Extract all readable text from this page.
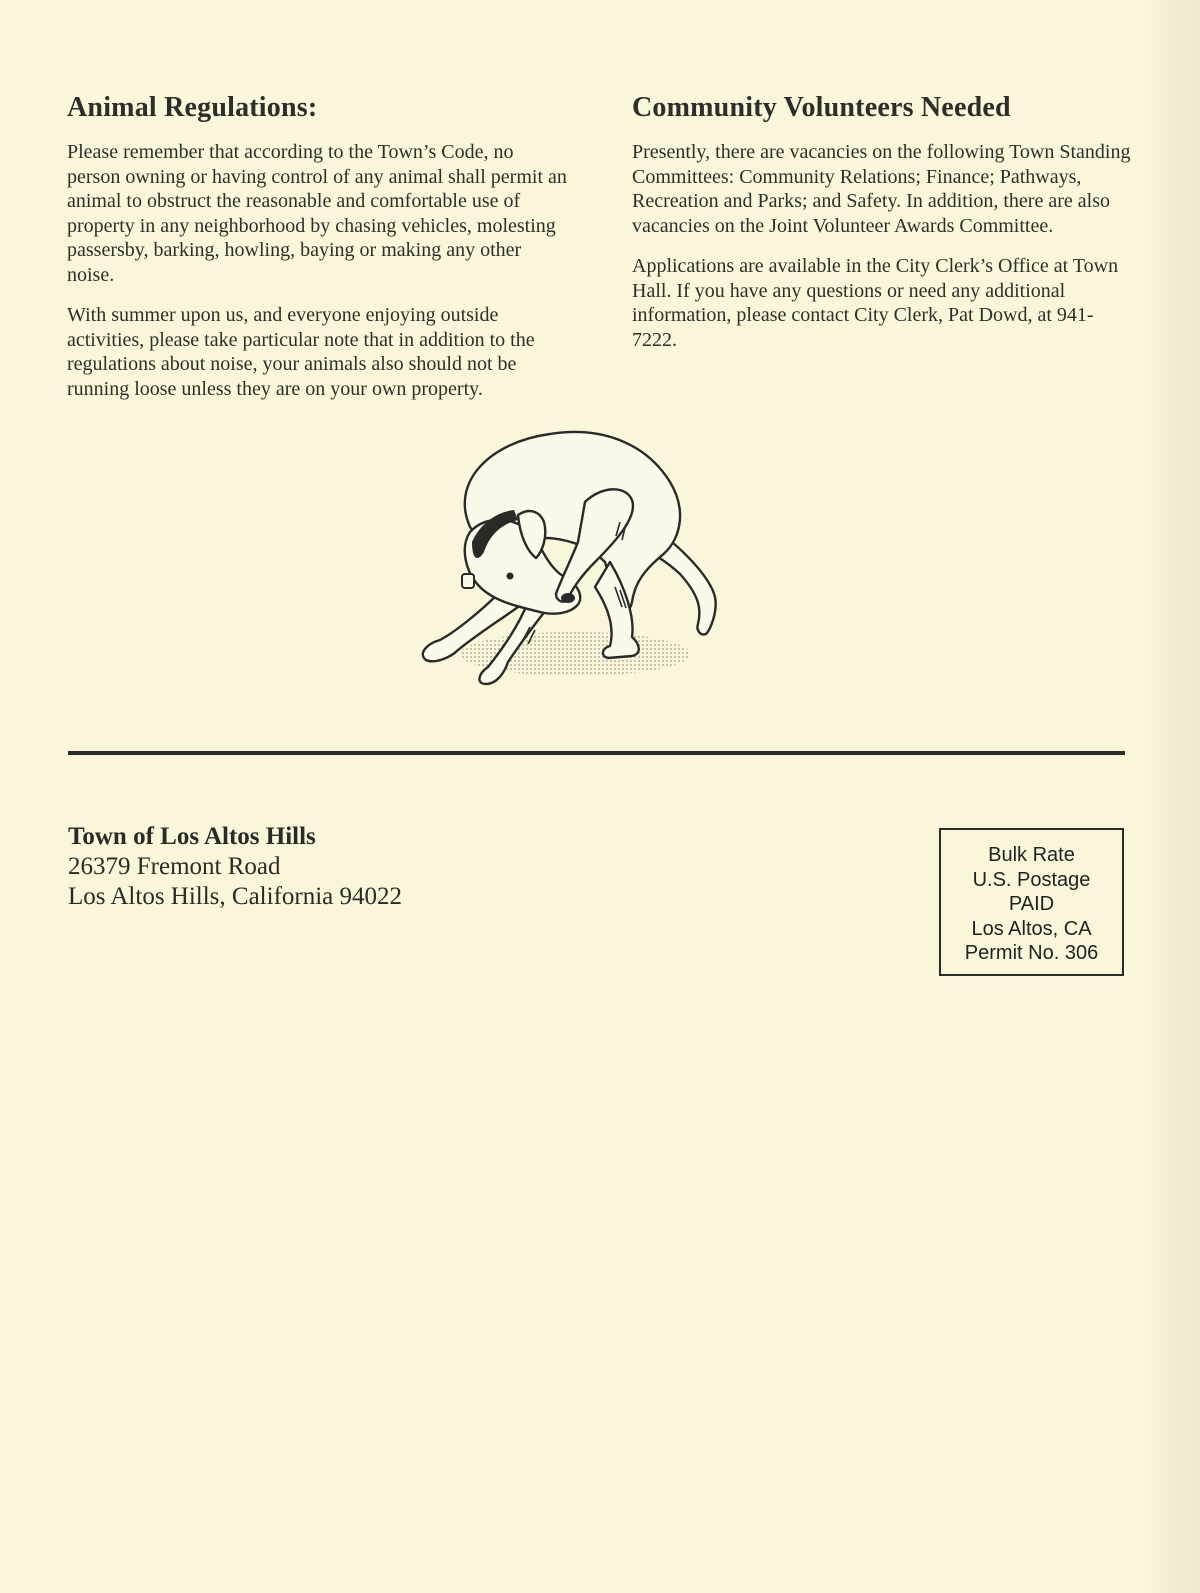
Animal Regulations:

Please remember that according to the Town’s Code, no person owning or having control of any animal shall permit an animal to obstruct the reasonable and comfortable use of property in any neighborhood by chasing vehicles, molesting passersby, barking, howling, baying or making any other noise.

With summer upon us, and everyone enjoying outside activities, please take particular note that in addition to the regulations about noise, your animals also should not be running loose unless they are on your own property.

Community Volunteers Needed

Presently, there are vacancies on the following Town Standing Committees: Community Relations; Finance; Pathways, Recreation and Parks; and Safety. In addition, there are also vacancies on the Joint Volunteer Awards Committee.

Applications are available in the City Clerk’s Office at Town Hall. If you have any questions or need any additional information, please contact City Clerk, Pat Dowd, at 941-7222.

Town of Los Altos Hills
26379 Fremont Road
Los Altos Hills, California 94022
Bulk Rate
U.S. Postage
PAID
Los Altos, CA
Permit No. 306
